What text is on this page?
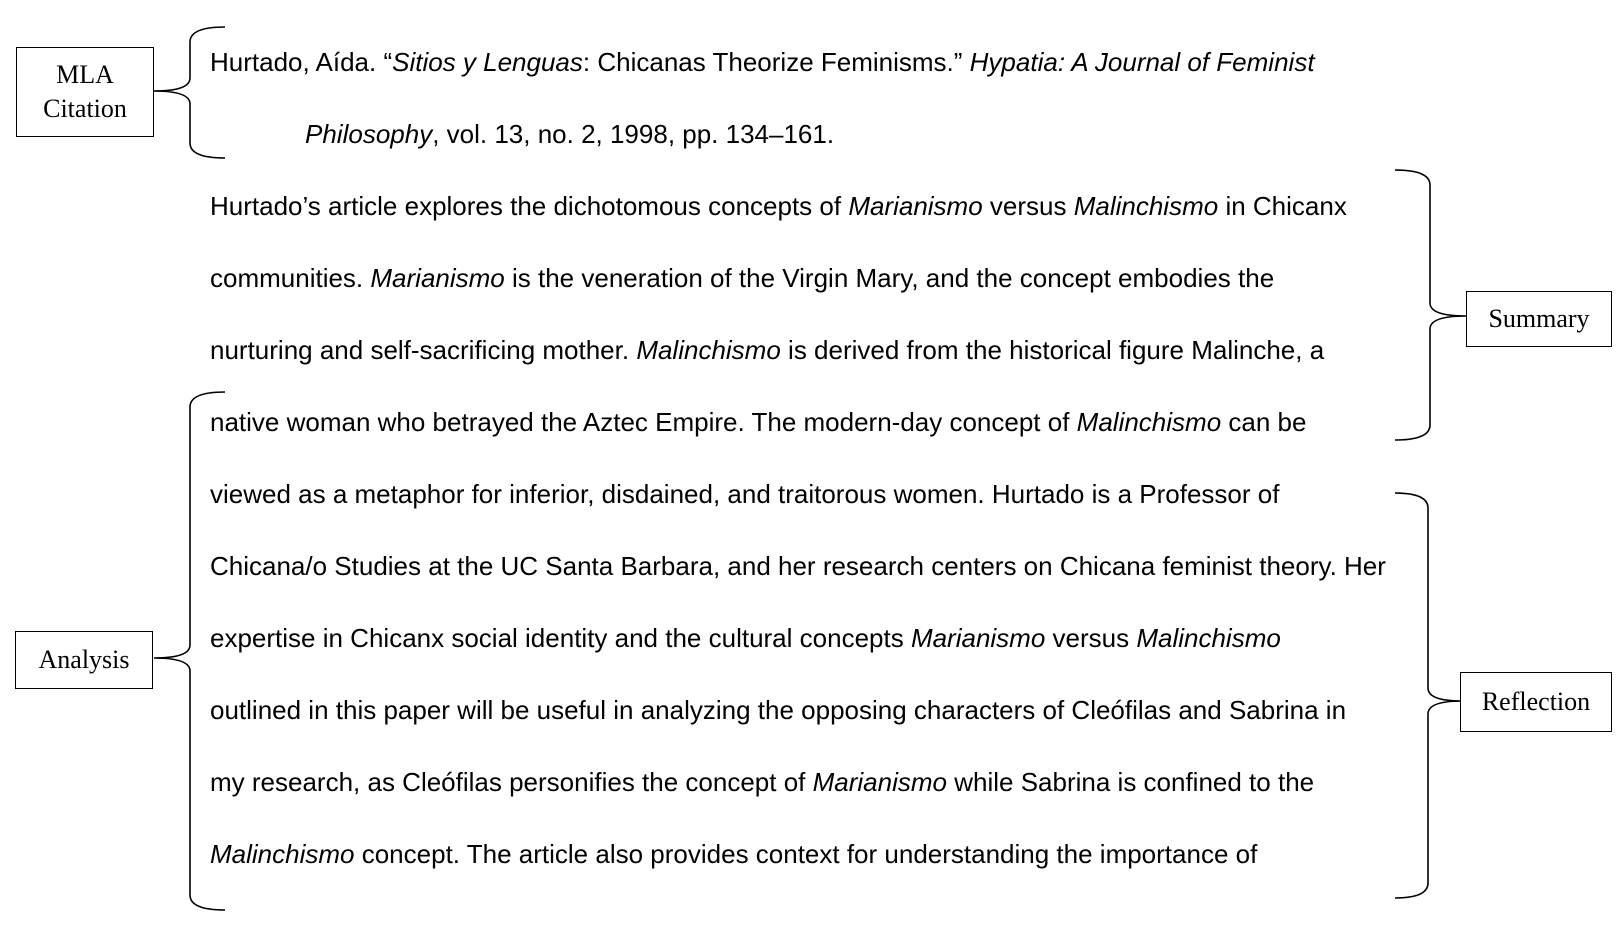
MLA
Citation
Summary
Analysis
Reflection
Hurtado, Aída. “Sitios y Lenguas: Chicanas Theorize Feminisms.” Hypatia: A Journal of Feminist
Philosophy, vol. 13, no. 2, 1998, pp. 134–161.
Hurtado’s article explores the dichotomous concepts of Marianismo versus Malinchismo in Chicanx
communities. Marianismo is the veneration of the Virgin Mary, and the concept embodies the
nurturing and self-sacrificing mother. Malinchismo is derived from the historical figure Malinche, a
native woman who betrayed the Aztec Empire. The modern-day concept of Malinchismo can be
viewed as a metaphor for inferior, disdained, and traitorous women. Hurtado is a Professor of
Chicana/o Studies at the UC Santa Barbara, and her research centers on Chicana feminist theory. Her
expertise in Chicanx social identity and the cultural concepts Marianismo versus Malinchismo
outlined in this paper will be useful in analyzing the opposing characters of Cleófilas and Sabrina in
my research, as Cleófilas personifies the concept of Marianismo while Sabrina is confined to the
Malinchismo concept. The article also provides context for understanding the importance of
